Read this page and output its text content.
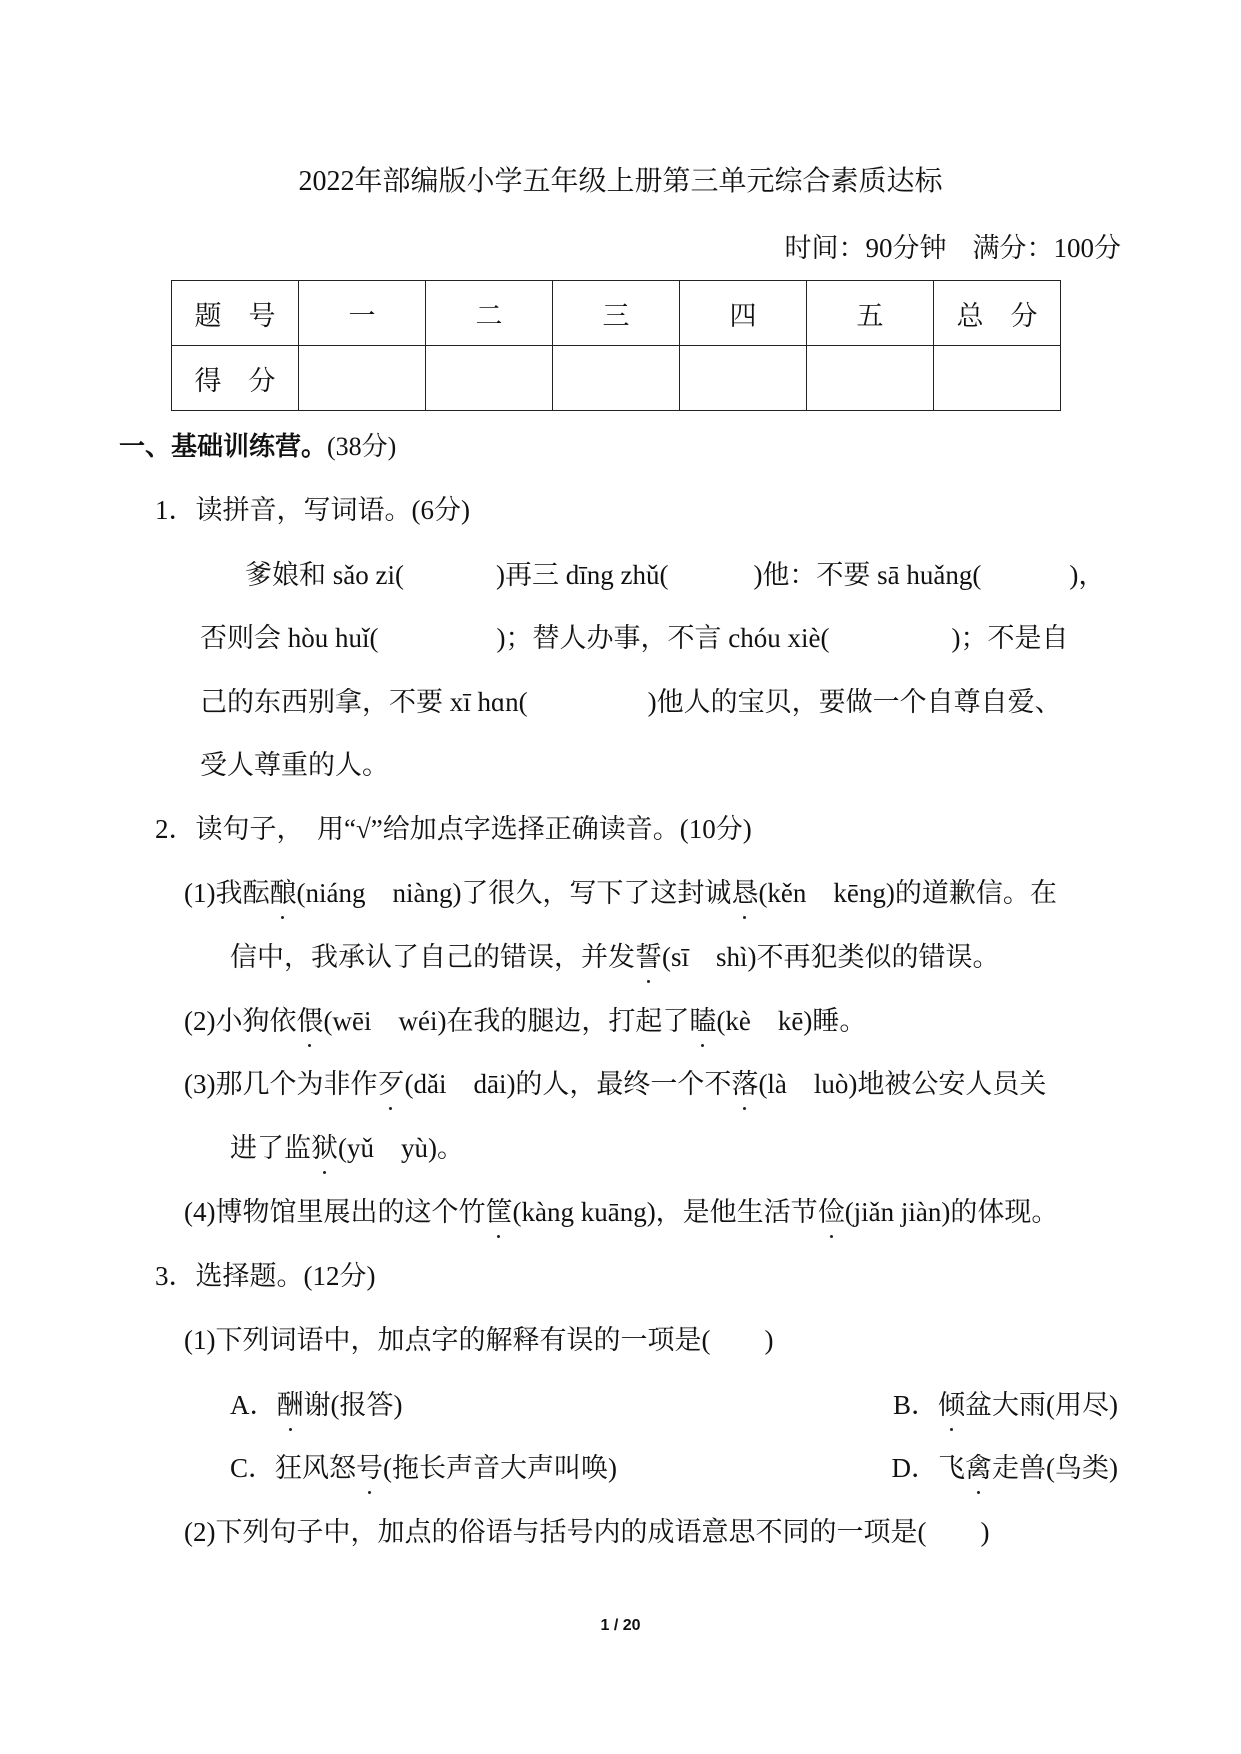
2022年部编版小学五年级上册第三单元综合素质达标
时间：90分钟 满分：100分
题　号	一	二	三	四	五	总　分
得　分						
一、基础训练营。(38分)
1．读拼音，写词语。(6分)
爹娘和 sǎo zi(	)再三 dīng zhǔ(	)他：不要 sā huǎng(	)，
否则会 hòu huǐ(	)；替人办事，不言 chóu xiè(	)；不是自
己的东西别拿，不要 xī hɑn(	)他人的宝贝，要做一个自尊自爱、
受人尊重的人。
2．读句子，　用“√”给加点字选择正确读音。(10分)
(1)我酝酿(niáng　niàng)了很久，写下了这封诚恳(kěn　kēng)的道歉信。在
信中，我承认了自己的错误，并发誓(sī　shì)不再犯类似的错误。
(2)小狗依偎(wēi　wéi)在我的腿边，打起了瞌(kè　kē)睡。
(3)那几个为非作歹(dǎi　dāi)的人，最终一个不落(là　luò)地被公安人员关
进了监狱(yǔ　yù)。
(4)博物馆里展出的这个竹筐(kàng kuāng)，是他生活节俭(jiǎn jiàn)的体现。
3．选择题。(12分)
(1)下列词语中，加点字的解释有误的一项是(　　)
A．酬谢(报答)	B．倾盆大雨(用尽)
C．狂风怒号(拖长声音大声叫唤)	D．飞禽走兽(鸟类)
(2)下列句子中，加点的俗语与括号内的成语意思不同的一项是(　　)
1 / 20
